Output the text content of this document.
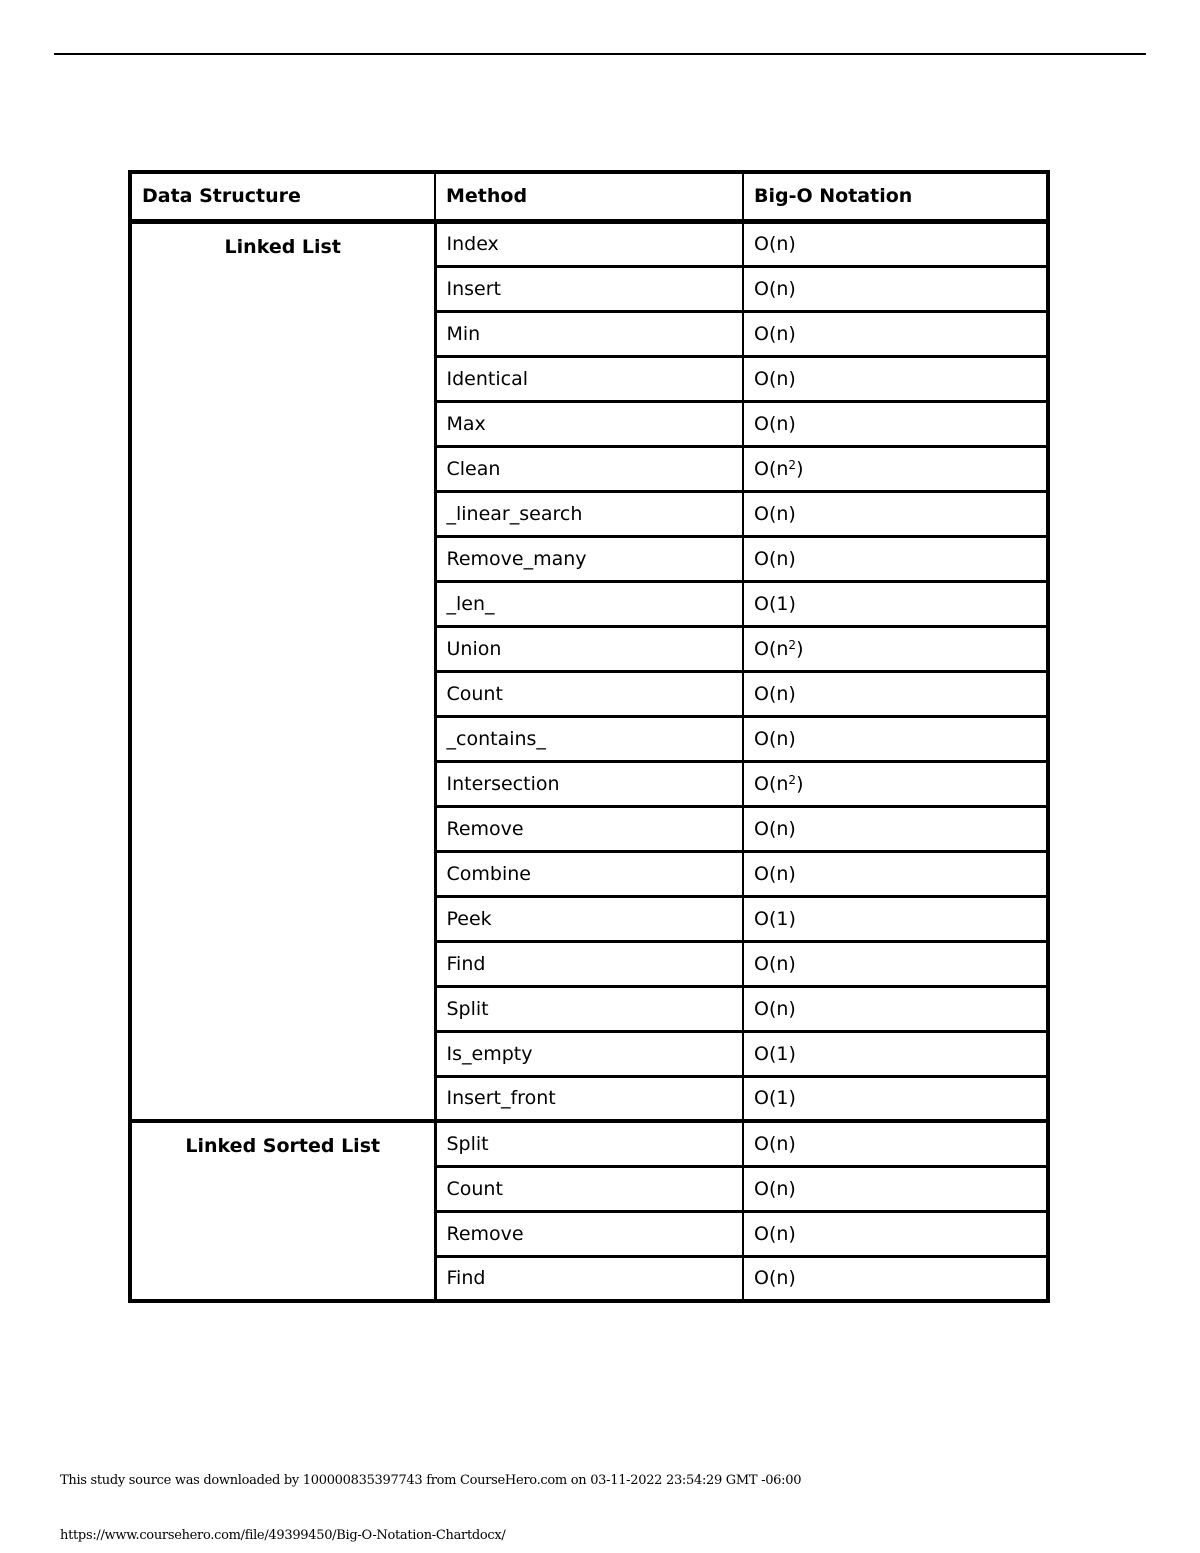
Data Structure	Method	Big-O Notation
Linked List	Index	O(n)
	Insert	O(n)
	Min	O(n)
	Identical	O(n)
	Max	O(n)
	Clean	$O(n^2)$
	_linear_search	O(n)
	Remove_many	O(n)
	_len_	O(1)
	Union	$O(n^2)$
	Count	O(n)
	_contains_	O(n)
	Intersection	$O(n^2)$
	Remove	O(n)
	Combine	O(n)
	Peek	O(1)
	Find	O(n)
	Split	O(n)
	Is_empty	O(1)
	Insert_front	O(1)
Linked Sorted List	Split	O(n)
	Count	O(n)
	Remove	O(n)
	Find	O(n)
This study source was downloaded by 100000835397743 from CourseHero.com on 03-11-2022 23:54:29 GMT -06:00
https://www.coursehero.com/file/49399450/Big-O-Notation-Chartdocx/
